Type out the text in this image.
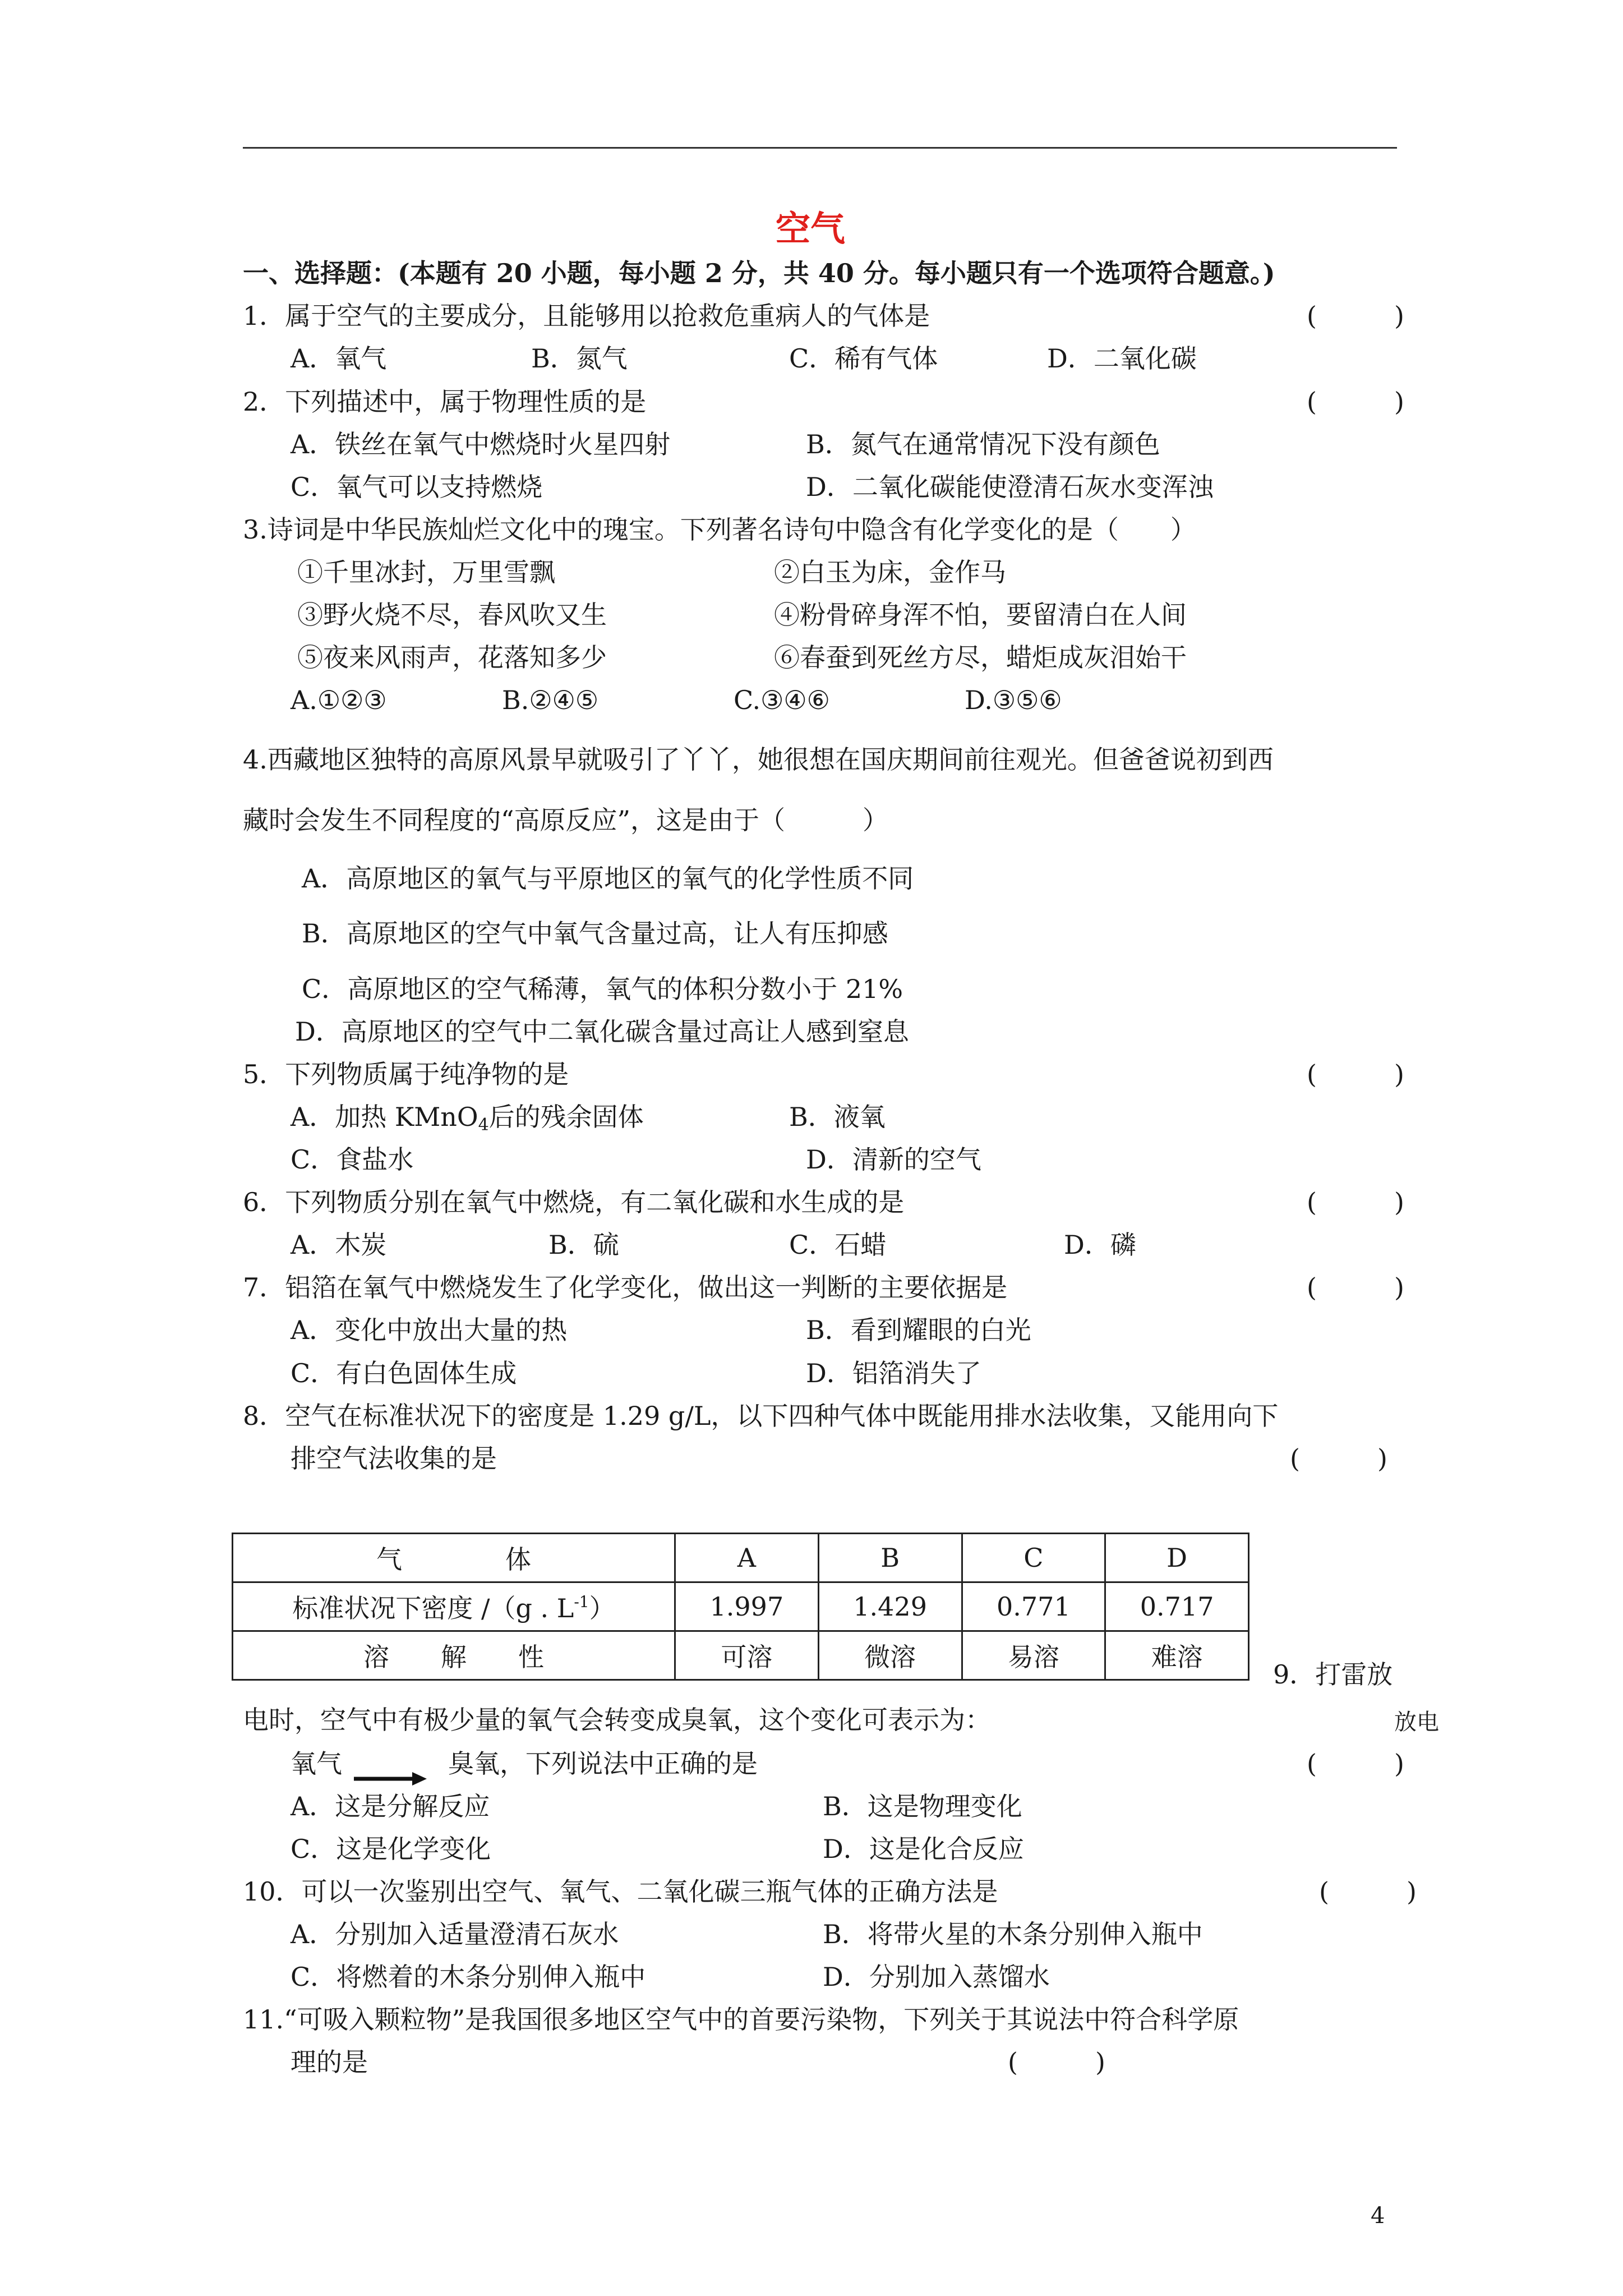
空气
一、选择题：(本题有 20 小题，每小题 2 分，共 40 分。每小题只有一个选项符合题意。)
1．属于空气的主要成分，且能够用以抢救危重病人的气体是	(　　　)
A．氧气	B．氮气	C．稀有气体	D．二氧化碳
2．下列描述中，属于物理性质的是	(　　　)
A．铁丝在氧气中燃烧时火星四射	B．氮气在通常情况下没有颜色
C．氧气可以支持燃烧	D．二氧化碳能使澄清石灰水变浑浊
3.诗词是中华民族灿烂文化中的瑰宝。下列著名诗句中隐含有化学变化的是（　　）
①千里冰封，万里雪飘	②白玉为床，金作马
③野火烧不尽，春风吹又生	④粉骨碎身浑不怕，要留清白在人间
⑤夜来风雨声，花落知多少	⑥春蚕到死丝方尽，蜡炬成灰泪始干
A.①②③	B.②④⑤	C.③④⑥	D.③⑤⑥
4.西藏地区独特的高原风景早就吸引了丫丫，她很想在国庆期间前往观光。但爸爸说初到西
藏时会发生不同程度的“高原反应”，这是由于（　　　）
A．高原地区的氧气与平原地区的氧气的化学性质不同
B．高原地区的空气中氧气含量过高，让人有压抑感
C．高原地区的空气稀薄，氧气的体积分数小于 21%
D．高原地区的空气中二氧化碳含量过高让人感到窒息
5．下列物质属于纯净物的是	(　　　)
A．加热 KMnO$_4$后的残余固体	B．液氧
C．食盐水	D．清新的空气
6．下列物质分别在氧气中燃烧，有二氧化碳和水生成的是	(　　　)
A．木炭	B．硫	C．石蜡	D．磷
7．铝箔在氧气中燃烧发生了化学变化，做出这一判断的主要依据是	(　　　)
A．变化中放出大量的热	B．看到耀眼的白光
C．有白色固体生成	D．铝箔消失了
8．空气在标准状况下的密度是 1.29 g/L，以下四种气体中既能用排水法收集，又能用向下
排空气法收集的是	(　　　)
气　　　　体	A	B	C	D
标准状况下密度 /（g . $L^{-1}$）	1.997	1.429	0.771	0.717
溶　　解　　性	可溶	微溶	易溶	难溶
9．打雷放
电时，空气中有极少量的氧气会转变成臭氧，这个变化可表示为：	放电
氧气	臭氧，下列说法中正确的是	(　　　)
A．这是分解反应	B．这是物理变化
C．这是化学变化	D．这是化合反应
10．可以一次鉴别出空气、氧气、二氧化碳三瓶气体的正确方法是	(　　　)
A．分别加入适量澄清石灰水	B．将带火星的木条分别伸入瓶中
C．将燃着的木条分别伸入瓶中	D．分别加入蒸馏水
11.“可吸入颗粒物”是我国很多地区空气中的首要污染物，下列关于其说法中符合科学原
理的是	(　　　)
4
